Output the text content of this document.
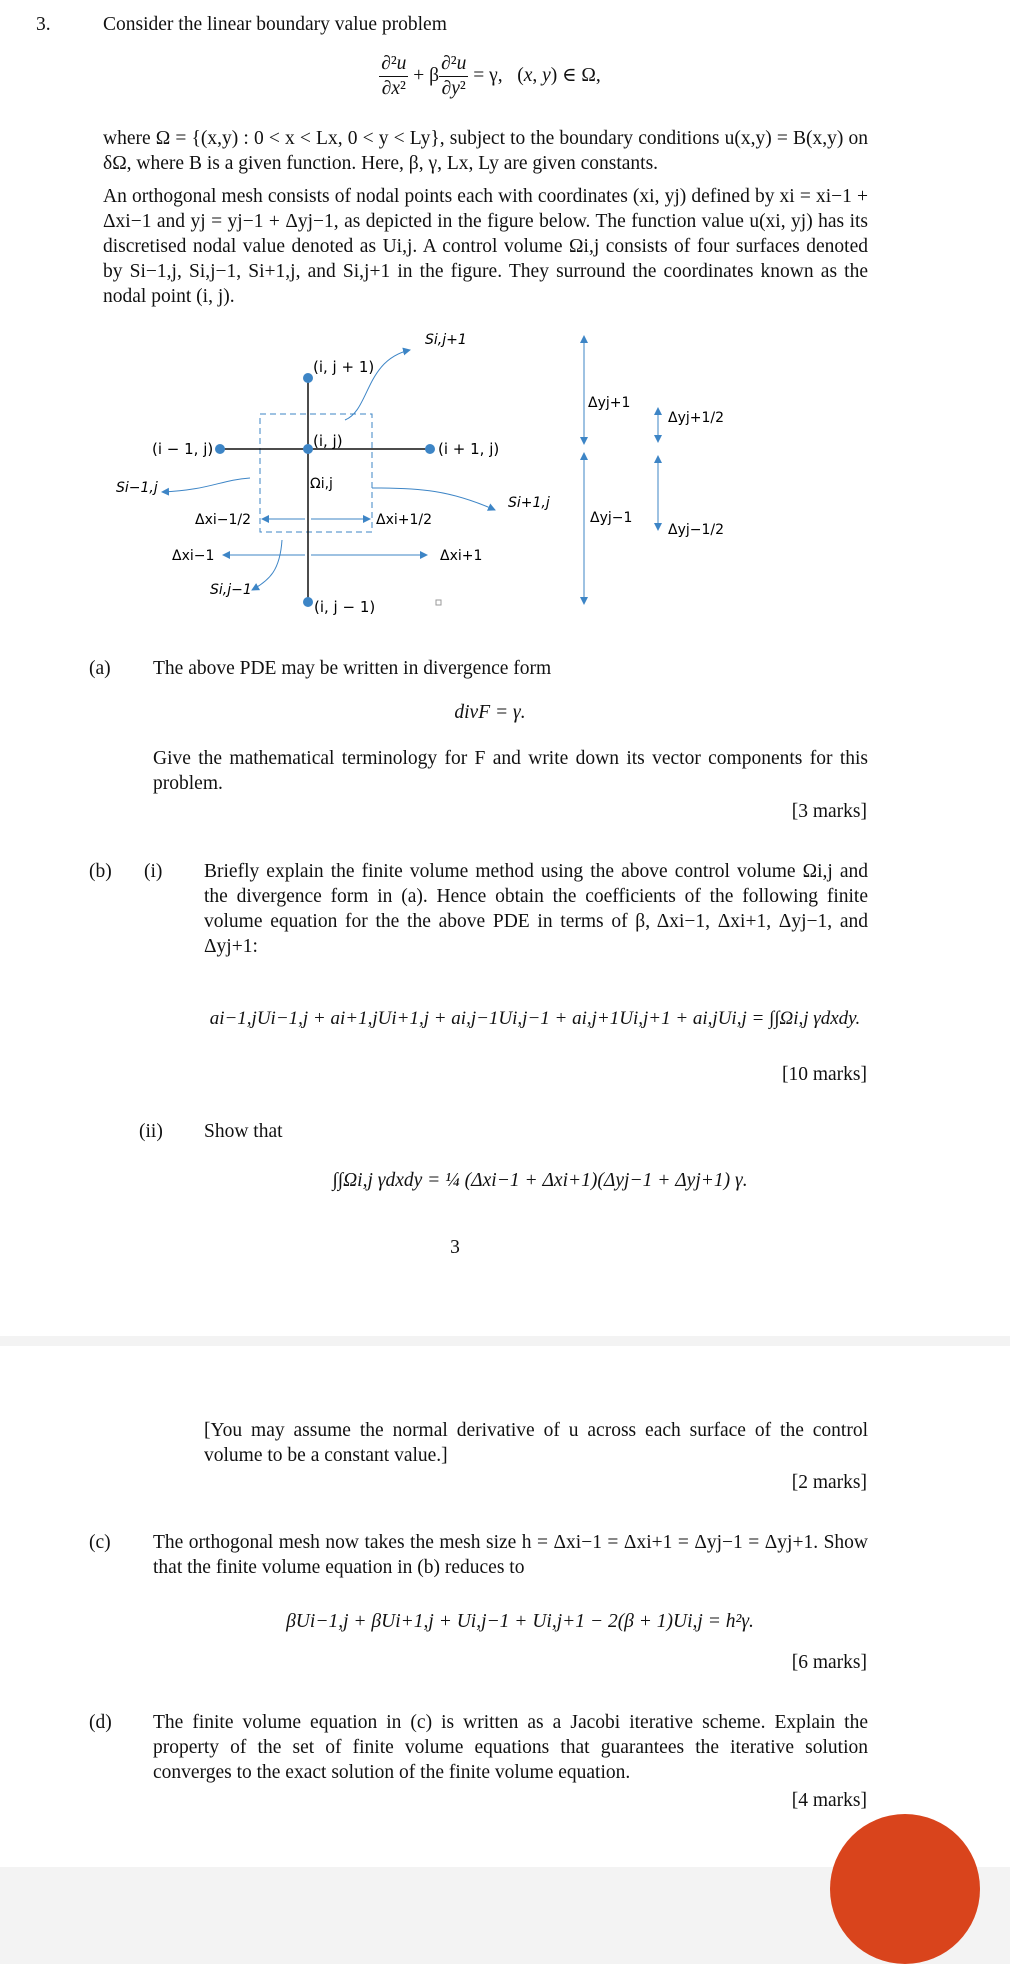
3.	Consider the linear boundary value problem
$\frac{\text{∂²u}}{\text{∂x²}} + \beta \frac{\text{∂²u}}{\text{∂y²}} = \gamma$,   (x, y) ∈ Ω,
where Ω = {(x,y) : 0 < x < Lx, 0 < y < Ly}, subject to the boundary conditions u(x,y) = B(x,y) on δΩ, where B is a given function. Here, β, γ, Lx, Ly are given constants.
An orthogonal mesh consists of nodal points each with coordinates (xi, yj) defined by xi = xi−1 + Δxi−1 and yj = yj−1 + Δyj−1, as depicted in the figure below. The function value u(xi, yj) has its discretised nodal value denoted as Ui,j. A control volume Ωi,j consists of four surfaces denoted by Si−1,j, Si,j−1, Si+1,j, and Si,j+1 in the figure. They surround the coordinates known as the nodal point (i, j).
(i, j + 1)
(i, j)
(i − 1, j)	(i + 1, j)
(i, j − 1)
Ωi,j
Si,j+1
Si−1,j
Si+1,j
Si,j−1
Δxi−1/2	Δxi+1/2
Δxi−1	Δxi+1
Δyj+1
Δyj−1
Δyj+1/2
Δyj−1/2
(a) The above PDE may be written in divergence form
divF = γ.
Give the mathematical terminology for F and write down its vector components for this problem.
[3 marks]
(b) (i) Briefly explain the finite volume method using the above control volume Ωi,j and the divergence form in (a). Hence obtain the coefficients of the following finite volume equation for the the above PDE in terms of β, Δxi−1, Δxi+1, Δyj−1, and Δyj+1:
ai−1,jUi−1,j + ai+1,jUi+1,j + ai,j−1Ui,j−1 + ai,j+1Ui,j+1 + ai,jUi,j = ∫∫Ωi,j γdxdy.
[10 marks]
(ii) Show that
∫∫Ωi,j γdxdy = ¼ (Δxi−1 + Δxi+1)(Δyj−1 + Δyj+1) γ.
3
[You may assume the normal derivative of u across each surface of the control volume to be a constant value.]
[2 marks]
(c) The orthogonal mesh now takes the mesh size h = Δxi−1 = Δxi+1 = Δyj−1 = Δyj+1. Show that the finite volume equation in (b) reduces to
βUi−1,j + βUi+1,j + Ui,j−1 + Ui,j+1 − 2(β + 1)Ui,j = h²γ.
[6 marks]
(d) The finite volume equation in (c) is written as a Jacobi iterative scheme. Explain the property of the set of finite volume equations that guarantees the iterative solution converges to the exact solution of the finite volume equation.
[4 marks]
